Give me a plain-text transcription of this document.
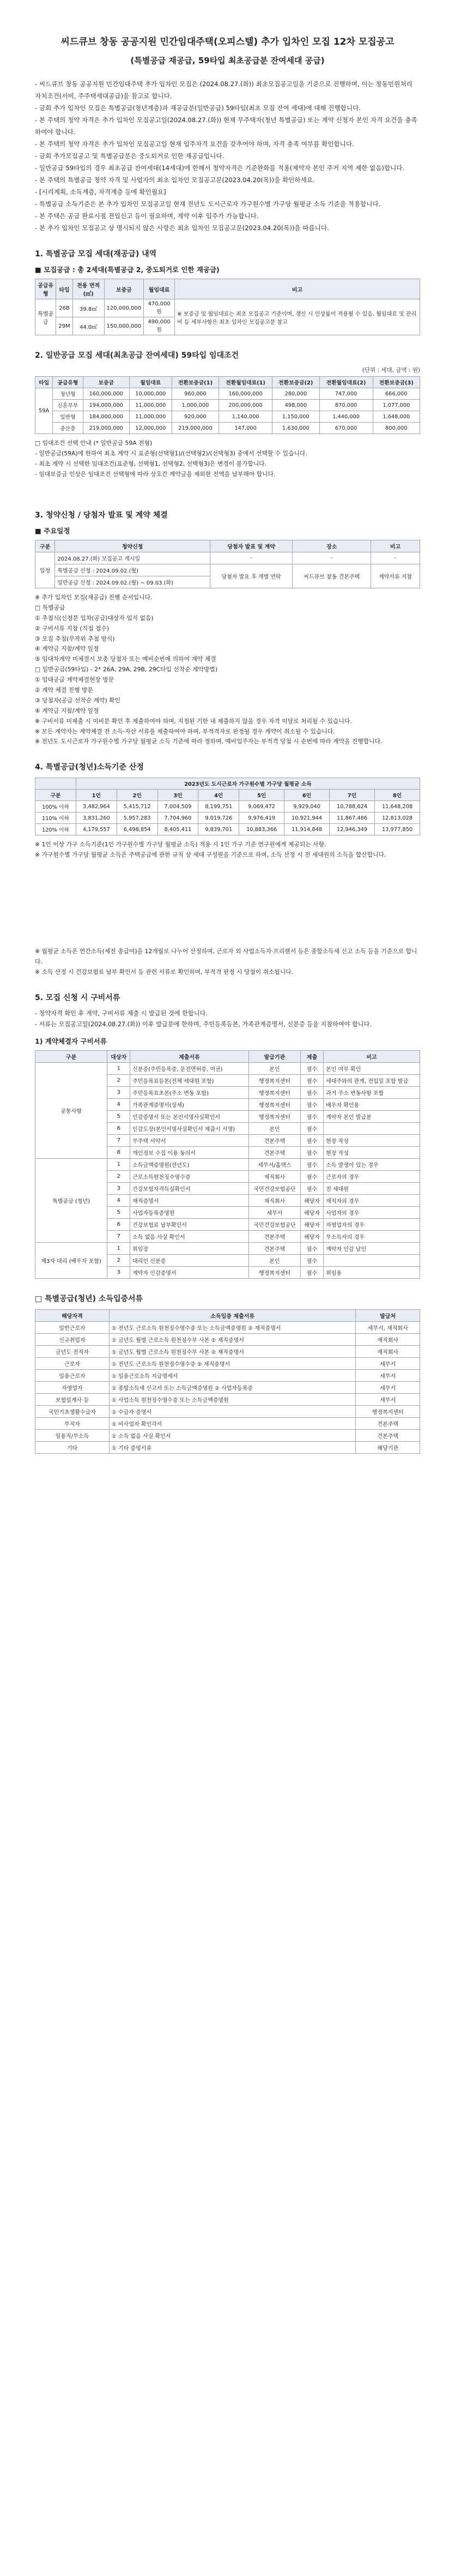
씨드큐브 창동 공공지원 민간임대주택(오피스텔) 추가 입차인 모집 12차 모집공고
(특별공급 재공급, 59타입 최초공급분 잔여세대 공급)

- 씨드큐브 창동 공공지원 민간임대주택 추가 입차인 모집은 (2024.08.27.(화)) 최초모집공고일을 기준으로 진행하며, 이는 창동민원처리 자치조건(서비, 주주택세대공급)을 참고로 합니다.

- 금회 추가 입차인 모집은 특별공급(청년계층)과 재공급분(일반공급) 59타입(최초 모집 잔여 세대)에 대해 진행합니다.

- 본 주택의 청약 자격은 추가 입차인 모집공고일(2024.08.27.(화)) 현재 무주택자(청년 특별공급) 또는 계약 신청자 본인 자격 요건을 충족하여야 합니다.

- 본 주택의 청약 자격은 추가 입차인 모집공고일 현재 입주자격 요건을 갖추어야 하며, 자격 충족 여부를 확인합니다.

- 금회 추가모집공고 및 특별공급분은 중도퇴거로 인한 재공급입니다.

- 일반공급 59타입의 경우 최초공급 잔여세대(14세대)에 한해서 청약자격은 기준완화를 적용(제약자 본인 주거 지역 제한 없음)합니다.

- 본 주택의 특별공급 청약 자격 및 사업자의 최초 입차인 모집공고문(2023.04.20(목))을 확인하세요.

- [시리계획, 소득계층, 자격계층 등에 확인필요]

- 특별공급 소득기준은 본 추가 입차인 모집공고일 현재 전년도 도시근로자 가구원수별 가구당 월평균 소득 기준을 적용합니다.

- 본 주택은 공급 완료시점 전입신고 등이 필요하며, 계약 이후 입주가 가능합니다.

- 본 추가 입차인 모집공고 상 명시되지 않은 사항은 최초 입차인 모집공고문(2023.04.20(목))을 따릅니다.

1. 특별공급 모집 세대(재공급) 내역
■ 모집공급 : 총 2세대(특별공급 2, 중도퇴거로 인한 재공급)
공급유형	타입	전용 면적(㎡)	보증금	월임대료	비고
특별공급	26B	39.8㎡	120,000,000	470,000원	※ 보증금 및 월임대료는 최초 모집공고 기준이며, 갱신 시 인상률이 적용될 수 있음. 월임대료 및 관리비 등 세부사항은 최초 입차인 모집공고문 참고
	29M	44.0㎡	150,000,000	490,000원	
2. 일반공급 모집 세대(최초공급 잔여세대) 59타입 임대조건
(단위 : 세대, 금액 : 원)
타입	공급유형	보증금	월임대료	전환보증금(1)	전환월임대료(1)	전환보증금(2)	전환월임대료(2)	전환보증금(3)
59A	청년형	160,000,000	10,000,000	960,000	160,000,000	280,000	747,000	666,000
	신혼부부	194,000,000	11,000,000	1,000,000	200,000,000	498,000	870,000	1,077,000
	일반형	184,000,000	11,000,000	920,000	1,140,000	1,150,000	1,440,000	1,648,000
	중산층	219,000,000	12,000,000	219,000,000	147,000	1,630,000	670,000	800,000

□ 임대조건 선택 안내 (* 일반공급 59A 전형)

- 일반공급(59A)에 한하여 최초 계약 시 표준형(선택형1)/(선택형2)/(선택형3) 중에서 선택할 수 있습니다.

- 최초 계약 시 선택한 임대조건(표준형, 선택형1, 선택형2, 선택형3)은 변경이 불가합니다.

- 임대보증금 인상은 임대조건 선택형에 따라 상호간 계약금을 제외한 전액을 납부해야 합니다.

3. 청약신청 / 당첨자 발표 및 계약 체결
■ 주요일정
구분	청약신청	당첨자 발표 및 계약	장소	비고
일정	2024.08.27.(화) 모집공고 게시일	-	-	-
	특별공급 신청 : 2024.09.02.(월)	당첨자 발표 후 개별 연락	씨드큐브 창동 견본주택	계약서류 지참
	일반공급 신청 : 2024.09.02.(월) ~ 09.03.(화)			

※ 추가 입차인 모집(재공급) 진행 순서입니다.

□ 특별공급

① 추첨식(신청분 입차(공급)대상자 입지 없음)

② 구비서류 지참 (직접 접수)

③ 모집 추첨(무작위 추첨 방식)

④ 계약금 지참/계약 일정

⑤ 임대차계약 미체결시 보충 당첨자 또는 예비순번에 의하여 계약 체결

□ 일반공급(59타입) - 2* 26A, 29A, 29B, 29C타입 선착순 계약방법)

① 임대공급 계약체결현장 방문

② 계약 체결 진행 방문

③ 당첨자(공급 선착순 계약) 확인

④ 계약금 지참/계약 일정

※ 구비서류 미제출 시 미비분 확인 후 제출하여야 하며, 지정된 기한 내 제출하지 않을 경우 자격 미달로 처리될 수 있습니다.

※ 모든 계약자는 계약체결 전 소득·자산 서류를 제출하여야 하며, 부적격자로 판정될 경우 계약이 취소될 수 있습니다.

※ 전년도 도시근로자 가구원수별 가구당 월평균 소득 기준에 따라 정하며, 예비입주자는 부적격 당첨 시 순번에 따라 계약을 진행합니다.

4. 특별공급(청년)소득기준 산정
	2023년도 도시근로자 가구원수별 가구당 월평균 소득							
구분	1인	2인	3인	4인	5인	6인	7인	8인
100% 이하	3,482,964	5,415,712	7,004,509	8,199,751	9,069,472	9,929,040	10,788,624	11,648,208
110% 이하	3,831,260	5,957,283	7,704,960	9,019,726	9,976,419	10,921,944	11,867,486	12,813,028
120% 이하	4,179,557	6,498,854	8,405,411	9,839,701	10,883,366	11,914,848	12,946,349	13,977,850

※ 1인 이상 가구 소득기준(1인 가구원수별 가구당 월평균 소득) 적용 시 1인 가구 기준 연구원에게 제공되는 사항.

※ 가구원수별 가구당 월평균 소득은 주택공급에 관한 규칙 상 세대 구성원을 기준으로 하며, 소득 산정 시 전 세대원의 소득을 합산합니다.

※ 월평균 소득은 연간소득(세전 총급여)을 12개월로 나누어 산정하며, 근로자 외 사업소득자·프리랜서 등은 종합소득세 신고 소득 등을 기준으로 합니다.

※ 소득 산정 시 건강보험료 납부 확인서 등 관련 서류로 확인하며, 부적격 판정 시 당첨이 취소됩니다.

5. 모집 신청 시 구비서류

- 청약자격 확인 후 계약, 구비서류 제출 시 발급된 것에 한합니다.

- 서류는 모집공고일(2024.08.27.(화)) 이후 발급분에 한하며, 주민등록등본, 가족관계증명서, 신분증 등을 지참하여야 합니다.

1) 계약체결자 구비서류
구분	대상자	제출서류	발급기관	제출	비고
공통사항	1	신분증(주민등록증, 운전면허증, 여권)	본인	필수	본인 여부 확인
	2	주민등록표등본(전체 세대원 포함)	행정복지센터	필수	세대주와의 관계, 전입일 포함 발급
	3	주민등록표초본(주소 변동 포함)	행정복지센터	필수	과거 주소 변동사항 포함
	4	가족관계증명서(상세)	행정복지센터	필수	배우자 확인용
	5	인감증명서 또는 본인서명사실확인서	행정복지센터	필수	계약자 본인 발급분
	6	인감도장(본인서명사실확인서 제출시 서명)	본인	필수	
	7	무주택 서약서	견본주택	필수	현장 작성
	8	개인정보 수집 이용 동의서	견본주택	필수	현장 작성
특별공급 (청년)	1	소득금액증명원(전년도)	세무서/홈택스	필수	소득 발생이 있는 경우
	2	근로소득원천징수영수증	재직회사	필수	근로자의 경우
	3	건강보험자격득실확인서	국민건강보험공단	필수	전 세대원
	4	재직증명서	재직회사	해당자	재직자의 경우
	5	사업자등록증명원	세무서	해당자	사업자의 경우
	6	건강보험료 납부확인서	국민건강보험공단	해당자	자영업자의 경우
	7	소득 없음 사실 확인서	견본주택	해당자	무소득자의 경우
제3자 대리 (배우자 포함)	1	위임장	견본주택	필수	계약자 인감 날인
	2	대리인 신분증	본인	필수	
	3	계약자 인감증명서	행정복지센터	필수	위임용
□ 특별공급(청년) 소득입증서류
해당자격	소득입증 제출서류	발급처
일반근로자	① 전년도 근로소득 원천징수영수증 또는 소득금액증명원 ② 재직증명서	세무서, 재직회사
신규취업자	① 금년도 월별 근로소득 원천징수부 사본 ② 재직증명서	재직회사
금년도 전직자	① 금년도 월별 근로소득 원천징수부 사본 ② 재직증명서	재직회사
근로자	① 전년도 근로소득 원천징수영수증 ② 재직증명서	세무서
일용근로자	① 일용근로소득 지급명세서	세무서
자영업자	① 종합소득세 신고서 또는 소득금액증명원 ② 사업자등록증	세무서
보험설계사 등	① 사업소득 원천징수영수증 또는 소득금액증명원	세무서
국민기초생활수급자	① 수급자 증명서	행정복지센터
무직자	① 비사업자 확인각서	견본주택
일용직/무소득	① 소득 없음 사실 확인서	견본주택
기타	① 기타 증빙서류	해당기관
